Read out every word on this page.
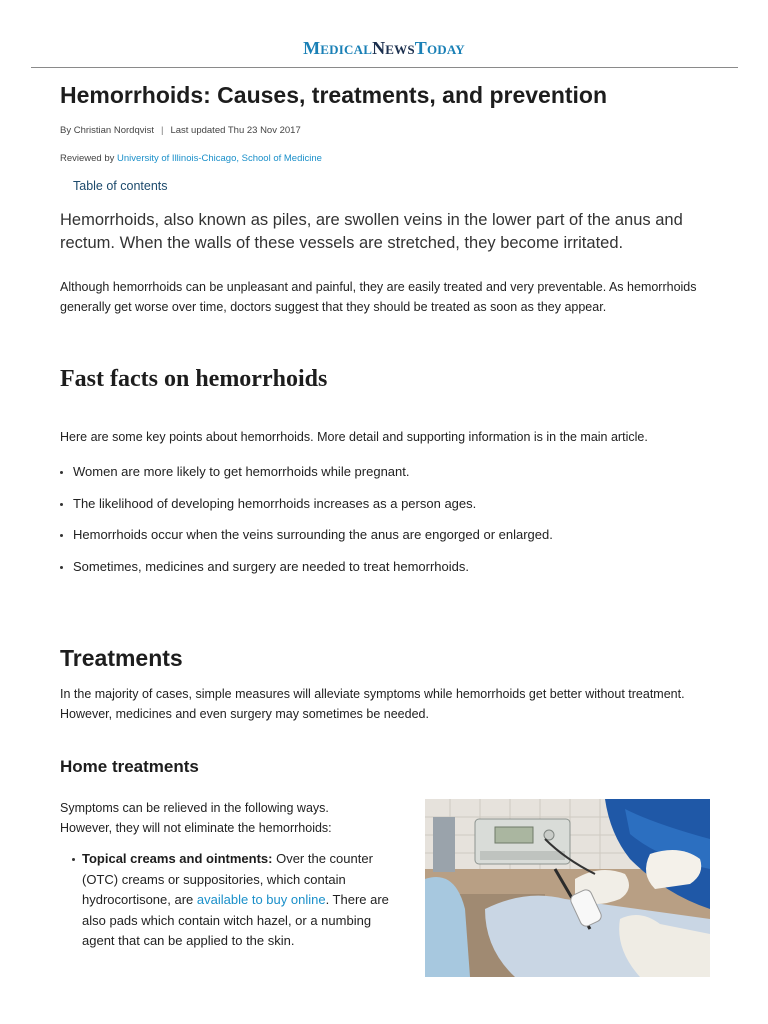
MEDICALNEWSTODAY
Hemorrhoids: Causes, treatments, and prevention
By Christian Nordqvist | Last updated Thu 23 Nov 2017
Reviewed by University of Illinois-Chicago, School of Medicine
Table of contents

Hemorrhoids, also known as piles, are swollen veins in the lower part of the anus and rectum. When the walls of these vessels are stretched, they become irritated.

Although hemorrhoids can be unpleasant and painful, they are easily treated and very preventable. As hemorrhoids generally get worse over time, doctors suggest that they should be treated as soon as they appear.

Fast facts on hemorrhoids

Here are some key points about hemorrhoids. More detail and supporting information is in the main article.

Women are more likely to get hemorrhoids while pregnant.
The likelihood of developing hemorrhoids increases as a person ages.
Hemorrhoids occur when the veins surrounding the anus are engorged or enlarged.
Sometimes, medicines and surgery are needed to treat hemorrhoids.
Treatments

In the majority of cases, simple measures will alleviate symptoms while hemorrhoids get better without treatment. However, medicines and even surgery may sometimes be needed.

Home treatments

Symptoms can be relieved in the following ways. However, they will not eliminate the hemorrhoids:

Topical creams and ointments: Over the counter (OTC) creams or suppositories, which contain hydrocortisone, are available to buy online. There are also pads which contain witch hazel, or a numbing agent that can be applied to the skin.
